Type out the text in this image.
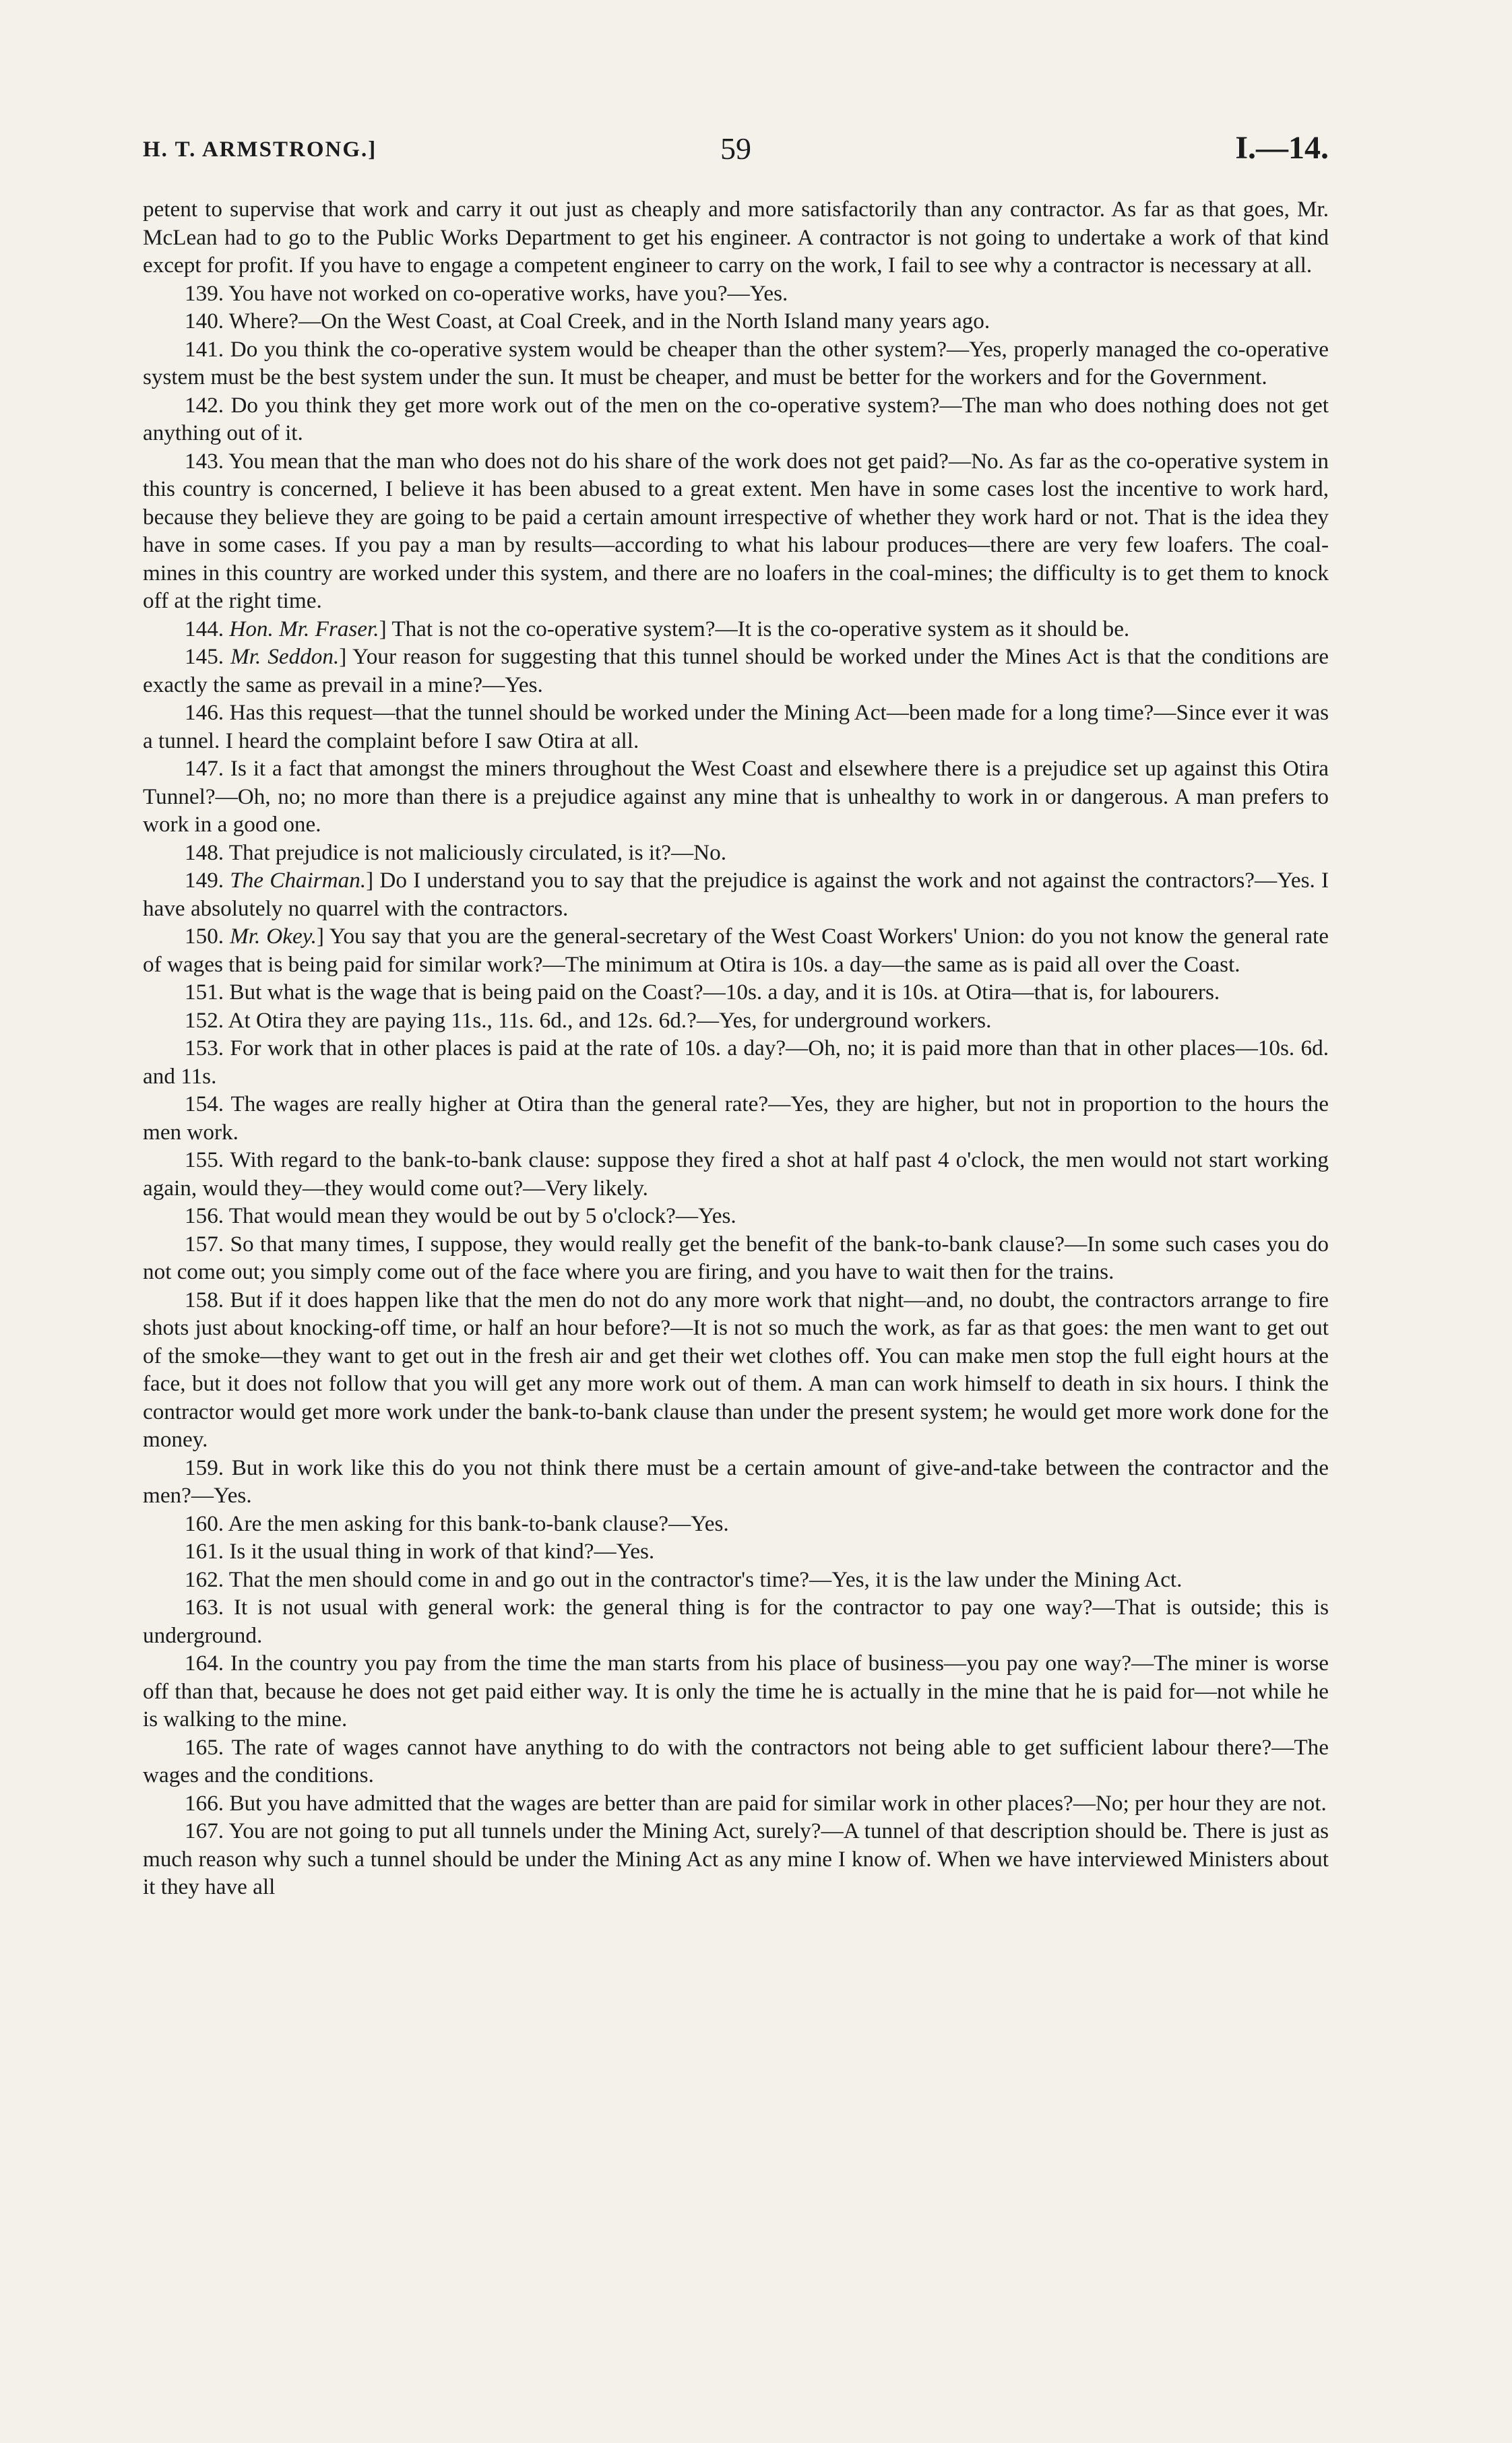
H. T. ARMSTRONG.]	59	I.—14.

petent to supervise that work and carry it out just as cheaply and more satisfactorily than any contractor. As far as that goes, Mr. McLean had to go to the Public Works Department to get his engineer. A contractor is not going to undertake a work of that kind except for profit. If you have to engage a competent engineer to carry on the work, I fail to see why a contractor is necessary at all.

139. You have not worked on co-operative works, have you?—Yes.

140. Where?—On the West Coast, at Coal Creek, and in the North Island many years ago.

141. Do you think the co-operative system would be cheaper than the other system?—Yes, properly managed the co-operative system must be the best system under the sun. It must be cheaper, and must be better for the workers and for the Government.

142. Do you think they get more work out of the men on the co-operative system?—The man who does nothing does not get anything out of it.

143. You mean that the man who does not do his share of the work does not get paid?—No. As far as the co-operative system in this country is concerned, I believe it has been abused to a great extent. Men have in some cases lost the incentive to work hard, because they believe they are going to be paid a certain amount irrespective of whether they work hard or not. That is the idea they have in some cases. If you pay a man by results—according to what his labour produces—there are very few loafers. The coal-mines in this country are worked under this system, and there are no loafers in the coal-mines; the difficulty is to get them to knock off at the right time.

144. Hon. Mr. Fraser.] That is not the co-operative system?—It is the co-operative system as it should be.

145. Mr. Seddon.] Your reason for suggesting that this tunnel should be worked under the Mines Act is that the conditions are exactly the same as prevail in a mine?—Yes.

146. Has this request—that the tunnel should be worked under the Mining Act—been made for a long time?—Since ever it was a tunnel. I heard the complaint before I saw Otira at all.

147. Is it a fact that amongst the miners throughout the West Coast and elsewhere there is a prejudice set up against this Otira Tunnel?—Oh, no; no more than there is a prejudice against any mine that is unhealthy to work in or dangerous. A man prefers to work in a good one.

148. That prejudice is not maliciously circulated, is it?—No.

149. The Chairman.] Do I understand you to say that the prejudice is against the work and not against the contractors?—Yes. I have absolutely no quarrel with the contractors.

150. Mr. Okey.] You say that you are the general-secretary of the West Coast Workers' Union: do you not know the general rate of wages that is being paid for similar work?—The minimum at Otira is 10s. a day—the same as is paid all over the Coast.

151. But what is the wage that is being paid on the Coast?—10s. a day, and it is 10s. at Otira—that is, for labourers.

152. At Otira they are paying 11s., 11s. 6d., and 12s. 6d.?—Yes, for underground workers.

153. For work that in other places is paid at the rate of 10s. a day?—Oh, no; it is paid more than that in other places—10s. 6d. and 11s.

154. The wages are really higher at Otira than the general rate?—Yes, they are higher, but not in proportion to the hours the men work.

155. With regard to the bank-to-bank clause: suppose they fired a shot at half past 4 o'clock, the men would not start working again, would they—they would come out?—Very likely.

156. That would mean they would be out by 5 o'clock?—Yes.

157. So that many times, I suppose, they would really get the benefit of the bank-to-bank clause?—In some such cases you do not come out; you simply come out of the face where you are firing, and you have to wait then for the trains.

158. But if it does happen like that the men do not do any more work that night—and, no doubt, the contractors arrange to fire shots just about knocking-off time, or half an hour before?—It is not so much the work, as far as that goes: the men want to get out of the smoke—they want to get out in the fresh air and get their wet clothes off. You can make men stop the full eight hours at the face, but it does not follow that you will get any more work out of them. A man can work himself to death in six hours. I think the contractor would get more work under the bank-to-bank clause than under the present system; he would get more work done for the money.

159. But in work like this do you not think there must be a certain amount of give-and-take between the contractor and the men?—Yes.

160. Are the men asking for this bank-to-bank clause?—Yes.

161. Is it the usual thing in work of that kind?—Yes.

162. That the men should come in and go out in the contractor's time?—Yes, it is the law under the Mining Act.

163. It is not usual with general work: the general thing is for the contractor to pay one way?—That is outside; this is underground.

164. In the country you pay from the time the man starts from his place of business—you pay one way?—The miner is worse off than that, because he does not get paid either way. It is only the time he is actually in the mine that he is paid for—not while he is walking to the mine.

165. The rate of wages cannot have anything to do with the contractors not being able to get sufficient labour there?—The wages and the conditions.

166. But you have admitted that the wages are better than are paid for similar work in other places?—No; per hour they are not.

167. You are not going to put all tunnels under the Mining Act, surely?—A tunnel of that description should be. There is just as much reason why such a tunnel should be under the Mining Act as any mine I know of. When we have interviewed Ministers about it they have all
